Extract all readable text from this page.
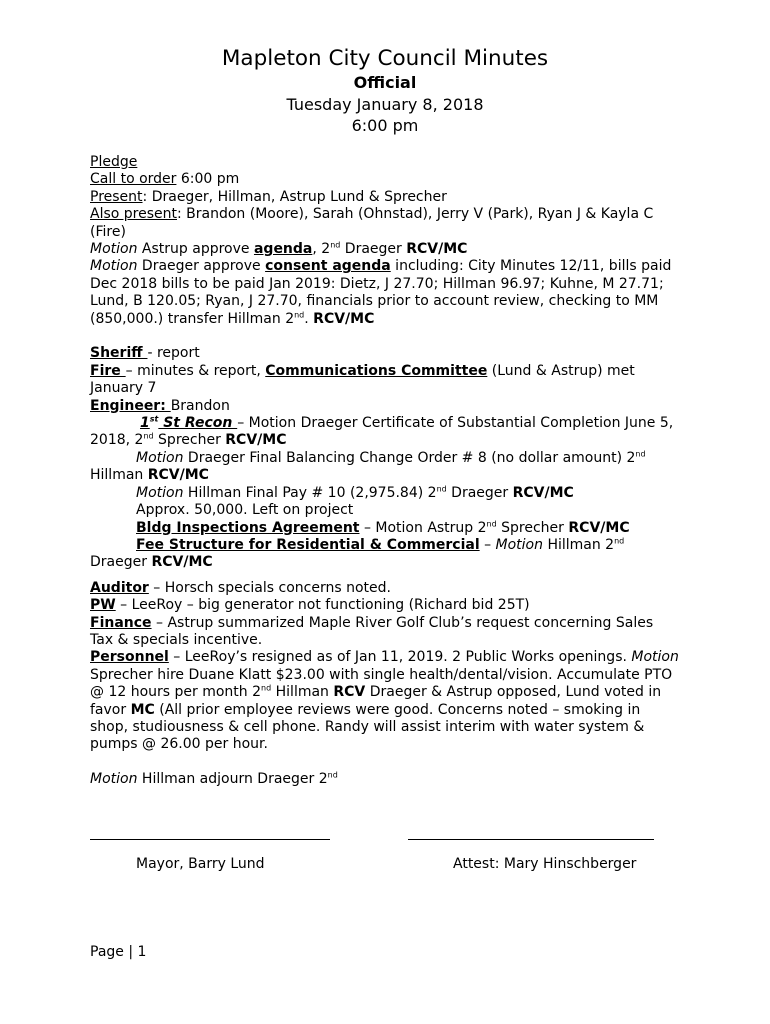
Mapleton City Council Minutes
Official
Tuesday January 8, 2018
6:00 pm

Pledge

Call to order 6:00 pm

Present: Draeger, Hillman, Astrup Lund & Sprecher

Also present: Brandon (Moore), Sarah (Ohnstad), Jerry V (Park), Ryan J & Kayla C (Fire)

Motion Astrup approve agenda, 2nd Draeger RCV/MC

Motion Draeger approve consent agenda including: City Minutes 12/11, bills paid Dec 2018 bills to be paid Jan 2019: Dietz, J 27.70; Hillman 96.97; Kuhne, M 27.71; Lund, B 120.05; Ryan, J 27.70, financials prior to account review, checking to MM (850,000.) transfer Hillman 2nd. RCV/MC

Sheriff - report

Fire – minutes & report, Communications Committee (Lund & Astrup) met January 7

Engineer: Brandon

1st St Recon – Motion Draeger Certificate of Substantial Completion June 5, 2018, 2nd Sprecher RCV/MC

Motion Draeger Final Balancing Change Order # 8 (no dollar amount) 2nd Hillman RCV/MC

Motion Hillman Final Pay # 10 (2,975.84) 2nd Draeger RCV/MC

Approx. 50,000. Left on project

Bldg Inspections Agreement – Motion Astrup 2nd Sprecher RCV/MC

Fee Structure for Residential & Commercial – Motion Hillman 2nd Draeger RCV/MC

Auditor – Horsch specials concerns noted.

PW – LeeRoy – big generator not functioning (Richard bid 25T)

Finance – Astrup summarized Maple River Golf Club’s request concerning Sales Tax & specials incentive.

Personnel – LeeRoy’s resigned as of Jan 11, 2019. 2 Public Works openings. Motion Sprecher hire Duane Klatt $23.00 with single health/dental/vision. Accumulate PTO @ 12 hours per month 2nd Hillman RCV Draeger & Astrup opposed, Lund voted in favor MC (All prior employee reviews were good. Concerns noted – smoking in shop, studiousness & cell phone. Randy will assist interim with water system & pumps @ 26.00 per hour.

Motion Hillman adjourn Draeger 2nd

Mayor, Barry Lund	Attest: Mary Hinschberger
Page | 1
